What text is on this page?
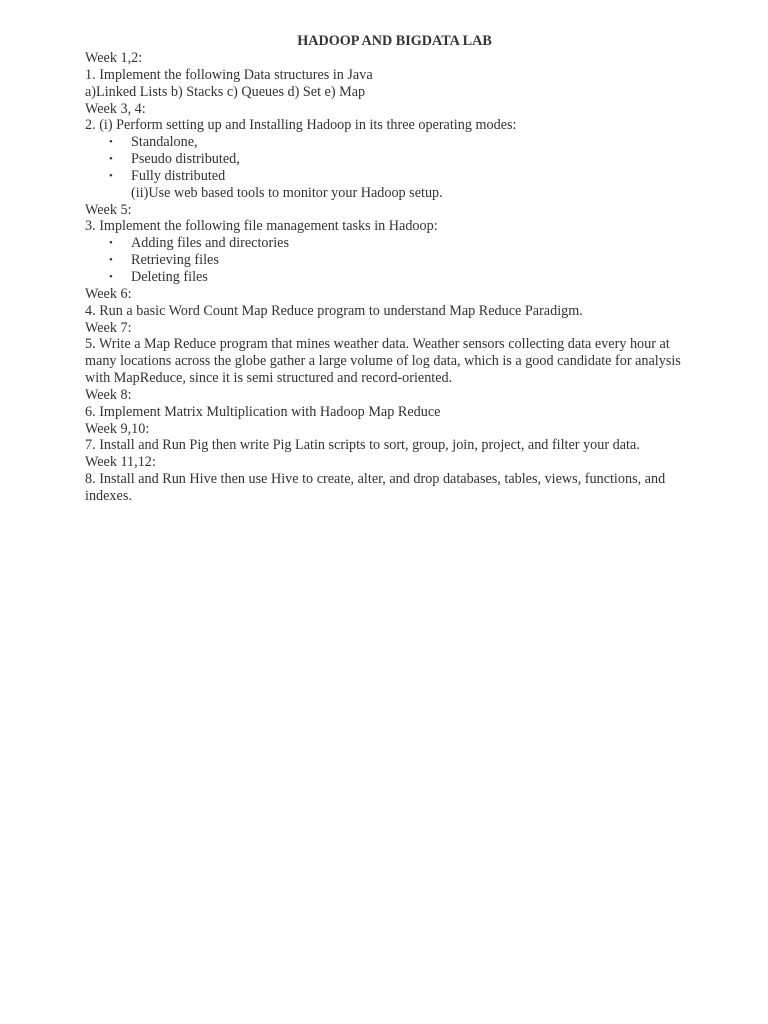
HADOOP AND BIGDATA LAB
Week 1,2:
1. Implement the following Data structures in Java
a)Linked Lists b) Stacks c) Queues d) Set e) Map
Week 3, 4:
2. (i) Perform setting up and Installing Hadoop in its three operating modes:
• Standalone,
• Pseudo distributed,
• Fully distributed
(ii)Use web based tools to monitor your Hadoop setup.
Week 5:
3. Implement the following file management tasks in Hadoop:
• Adding files and directories
• Retrieving files
• Deleting files
Week 6:
4. Run a basic Word Count Map Reduce program to understand Map Reduce Paradigm.
Week 7:
5. Write a Map Reduce program that mines weather data. Weather sensors collecting data every hour at many locations across the globe gather a large volume of log data, which is a good candidate for analysis with MapReduce, since it is semi structured and record-oriented.
Week 8:
6. Implement Matrix Multiplication with Hadoop Map Reduce
Week 9,10:
7. Install and Run Pig then write Pig Latin scripts to sort, group, join, project, and filter your data.
Week 11,12:
8. Install and Run Hive then use Hive to create, alter, and drop databases, tables, views, functions, and indexes.
